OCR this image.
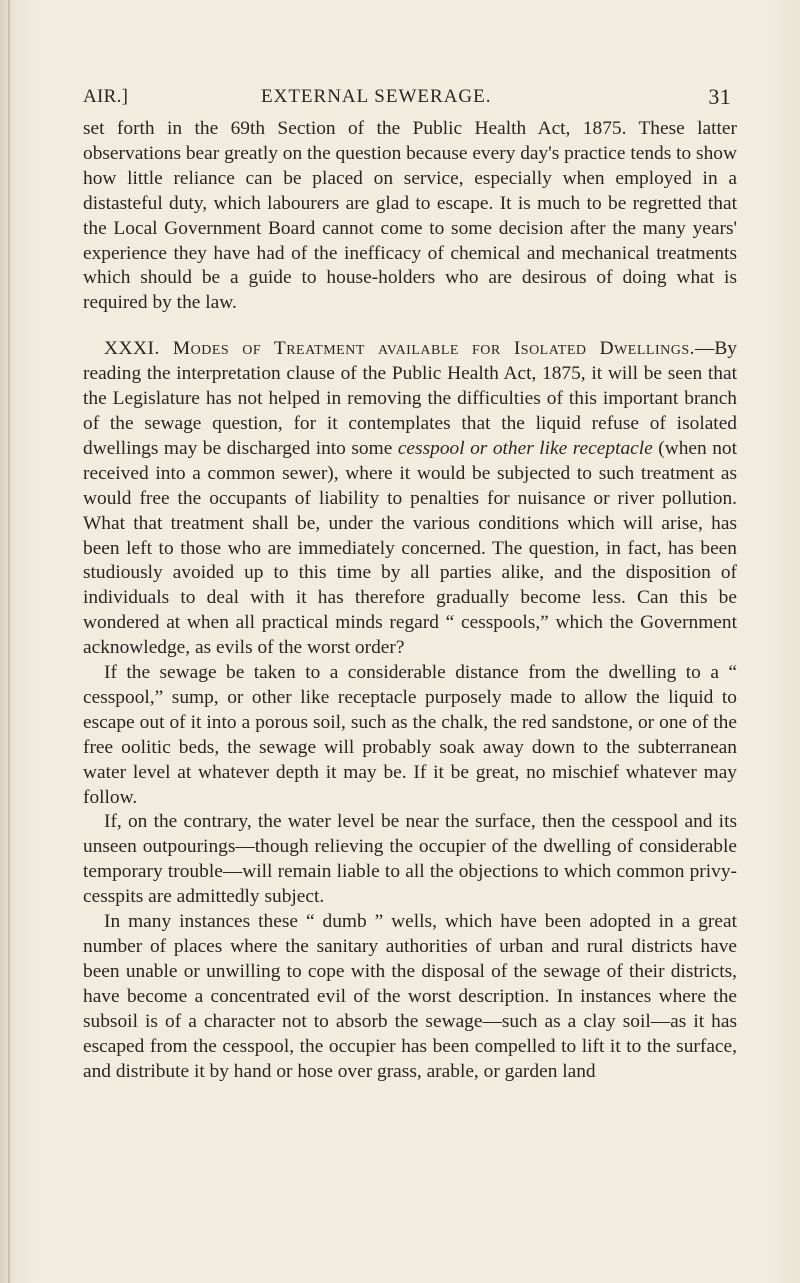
AIR.]	EXTERNAL SEWERAGE.	31

set forth in the 69th Section of the Public Health Act, 1875. These latter observations bear greatly on the question because every day's practice tends to show how little reliance can be placed on service, especially when employed in a distasteful duty, which labourers are glad to escape. It is much to be regretted that the Local Government Board cannot come to some decision after the many years' experience they have had of the inefficacy of chemical and mechanical treatments which should be a guide to house-holders who are desirous of doing what is required by the law.

XXXI. Modes of Treatment available for Isolated Dwellings.—By reading the interpretation clause of the Public Health Act, 1875, it will be seen that the Legislature has not helped in removing the difficulties of this important branch of the sewage question, for it contemplates that the liquid refuse of isolated dwellings may be discharged into some cesspool or other like receptacle (when not received into a common sewer), where it would be subjected to such treatment as would free the occupants of liability to penalties for nuisance or river pollution. What that treatment shall be, under the various conditions which will arise, has been left to those who are immediately concerned. The question, in fact, has been studiously avoided up to this time by all parties alike, and the disposition of individuals to deal with it has therefore gradually become less. Can this be wondered at when all practical minds regard “ cesspools,” which the Government acknowledge, as evils of the worst order?

If the sewage be taken to a considerable distance from the dwelling to a “ cesspool,” sump, or other like receptacle purposely made to allow the liquid to escape out of it into a porous soil, such as the chalk, the red sandstone, or one of the free oolitic beds, the sewage will probably soak away down to the subterranean water level at whatever depth it may be. If it be great, no mischief whatever may follow.

If, on the contrary, the water level be near the surface, then the cesspool and its unseen outpourings—though relieving the occupier of the dwelling of considerable temporary trouble—will remain liable to all the objections to which common privy-cesspits are admittedly subject.

In many instances these “ dumb ” wells, which have been adopted in a great number of places where the sanitary authorities of urban and rural districts have been unable or unwilling to cope with the disposal of the sewage of their districts, have become a concentrated evil of the worst description. In instances where the subsoil is of a character not to absorb the sewage—such as a clay soil—as it has escaped from the cesspool, the occupier has been compelled to lift it to the surface, and distribute it by hand or hose over grass, arable, or garden land
